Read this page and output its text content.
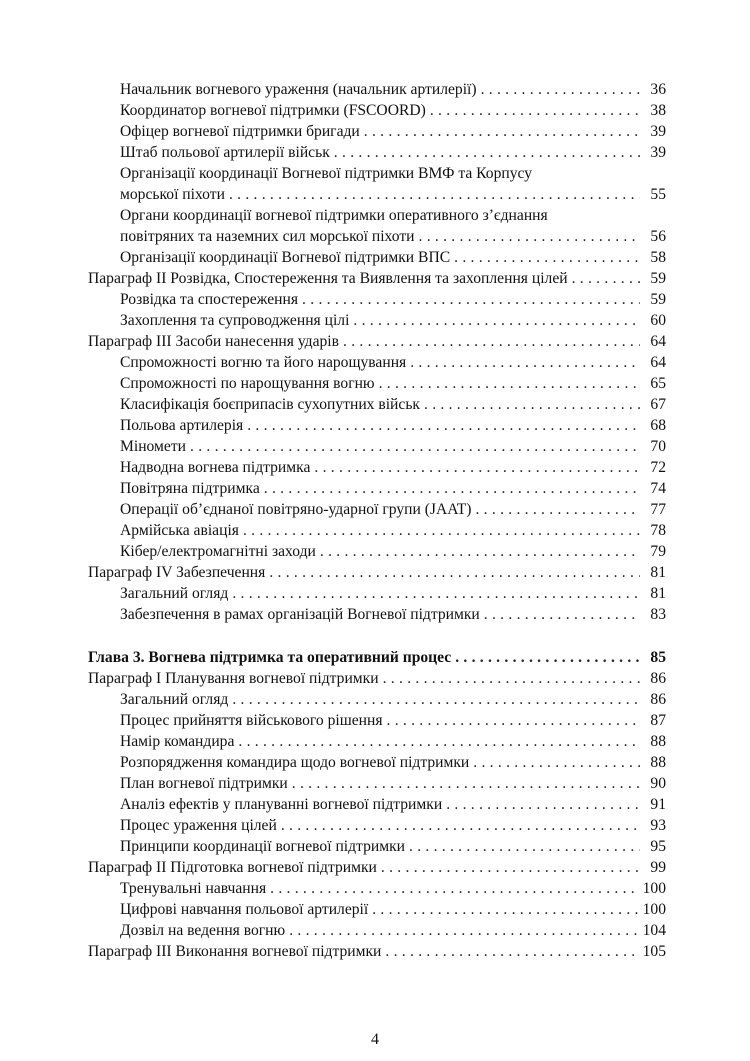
Начальник вогневого ураження (начальник артилерії) . . .	36
Координатор вогневої підтримки (FSCOORD) . . .	38
Офіцер вогневої підтримки бригади . . .	39
Штаб польової артилерії військ . . .	39
Організації координації Вогневої підтримки ВМФ та Корпусу
морської піхоти . . .	55
Органи координації вогневої підтримки оперативного з’єднання
повітряних та наземних сил морської піхоти . . .	56
Організації координації Вогневої підтримки ВПС . . .	58
Параграф ІІ Розвідка, Спостереження та Виявлення та захоплення цілей . . .	59
Розвідка та спостереження . . .	59
Захоплення та супроводження цілі . . .	60
Параграф ІІІ Засоби нанесення ударів . . .	64
Спроможності вогню та його нарощування . . .	64
Спроможності по нарощування вогню . . .	65
Класифікація боєприпасів сухопутних військ . . .	67
Польова артилерія . . .	68
Міномети . . .	70
Надводна вогнева підтримка . . .	72
Повітряна підтримка . . .	74
Операції об’єднаної повітряно-ударної групи (JAAT) . . .	77
Армійська авіація . . .	78
Кібер/електромагнітні заходи . . .	79
Параграф IV Забезпечення . . .	81
Загальний огляд . . .	81
Забезпечення в рамах організацій Вогневої підтримки . . .	83
Глава 3. Вогнева підтримка та оперативний процес . . .	85
Параграф І Планування вогневої підтримки . . .	86
Загальний огляд . . .	86
Процес прийняття військового рішення . . .	87
Намір командира . . .	88
Розпорядження командира щодо вогневої підтримки . . .	88
План вогневої підтримки . . .	90
Аналіз ефектів у плануванні вогневої підтримки . . .	91
Процес ураження цілей . . .	93
Принципи координації вогневої підтримки . . .	95
Параграф ІІ Підготовка вогневої підтримки . . .	99
Тренувальні навчання . . .	100
Цифрові навчання польової артилерії . . .	100
Дозвіл на ведення вогню . . .	104
Параграф ІІІ Виконання вогневої підтримки . . .	105
4
